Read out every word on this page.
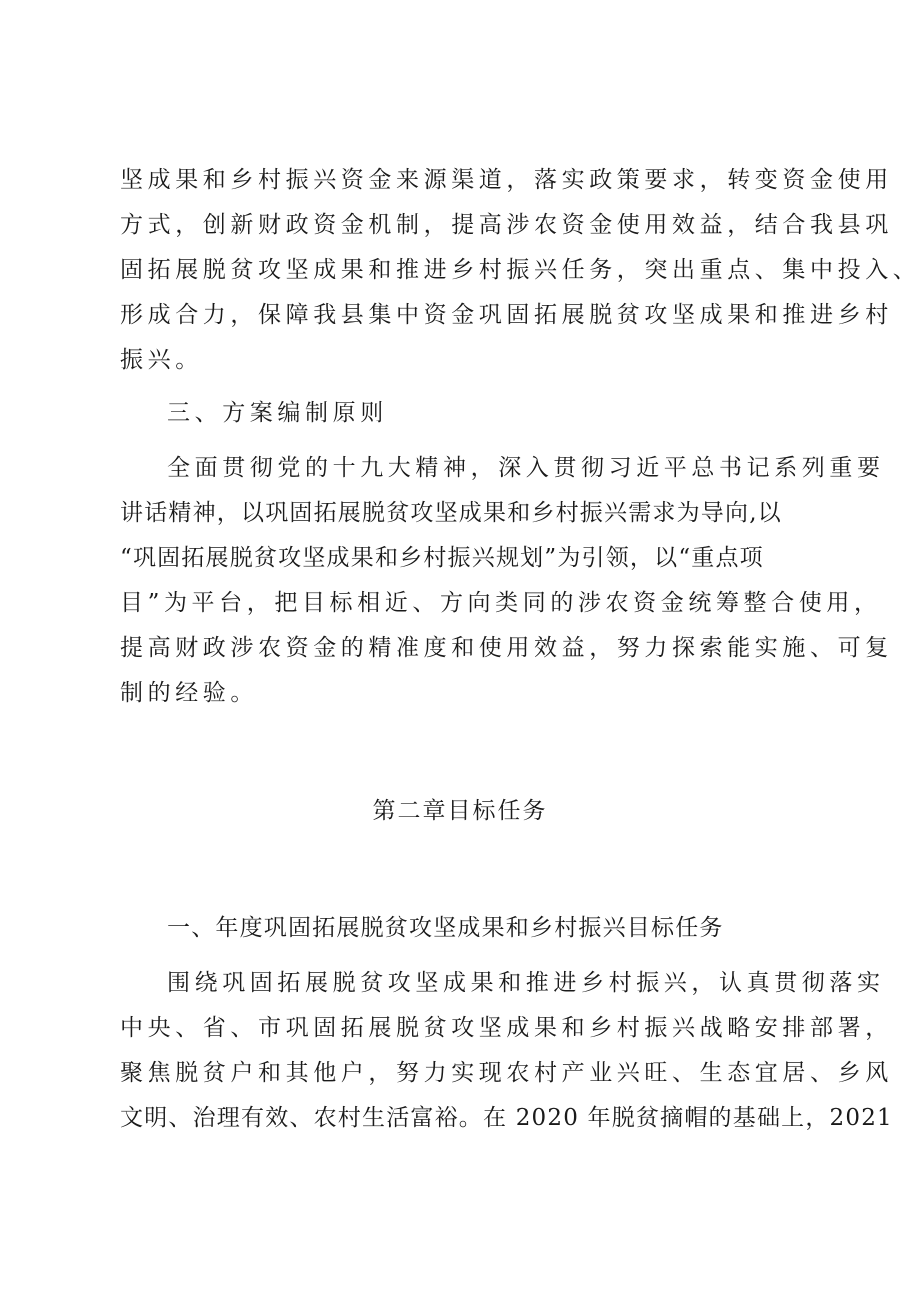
坚成果和乡村振兴资金来源渠道，落实政策要求，转变资金使用
方式，创新财政资金机制，提高涉农资金使用效益，结合我县巩
固拓展脱贫攻坚成果和推进乡村振兴任务，突出重点、集中投入、
形成合力，保障我县集中资金巩固拓展脱贫攻坚成果和推进乡村
振兴。
三、方案编制原则
全面贯彻党的十九大精神，深入贯彻习近平总书记系列重要
讲话精神，以巩固拓展脱贫攻坚成果和乡村振兴需求为导向,以
“巩固拓展脱贫攻坚成果和乡村振兴规划”为引领，以“重点项
目”为平台，把目标相近、方向类同的涉农资金统筹整合使用，
提高财政涉农资金的精准度和使用效益，努力探索能实施、可复
制的经验。
第二章目标任务
一、年度巩固拓展脱贫攻坚成果和乡村振兴目标任务
围绕巩固拓展脱贫攻坚成果和推进乡村振兴，认真贯彻落实
中央、省、市巩固拓展脱贫攻坚成果和乡村振兴战略安排部署，
聚焦脱贫户和其他户，努力实现农村产业兴旺、生态宜居、乡风
文明、治理有效、农村生活富裕。在 2020 年脱贫摘帽的基础上，2021
